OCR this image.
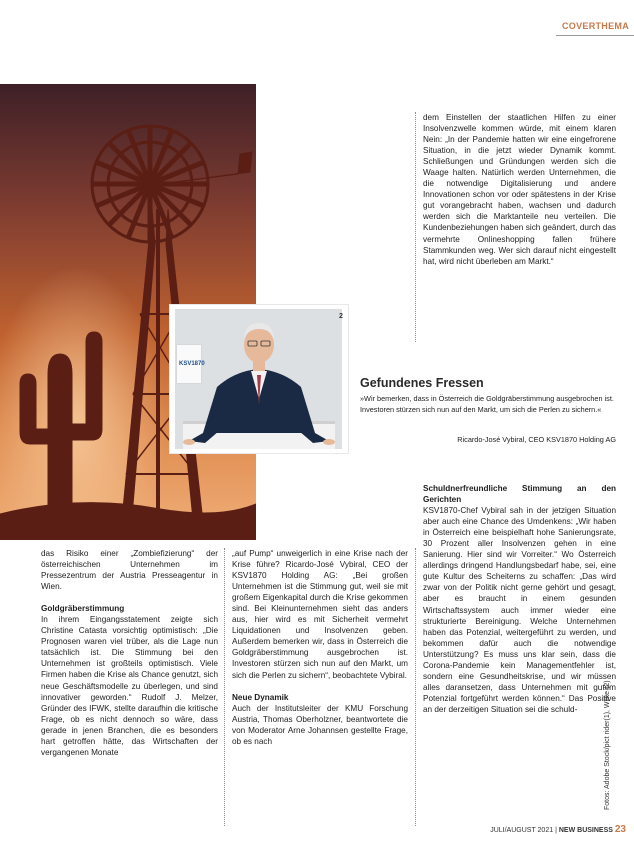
COVERTHEMA
KSV1870
2

dem Einstellen der staatlichen Hilfen zu einer Insolvenzwelle kommen würde, mit einem klaren Nein: „In der Pandemie hatten wir eine eingefrorene Situation, in die jetzt wieder Dynamik kommt. Schließungen und Gründungen werden sich die Waage halten. Natürlich werden Unternehmen, die die notwendige Digitalisierung und andere Innovationen schon vor oder spätestens in der Krise gut vorangebracht haben, wachsen und dadurch werden sich die Marktanteile neu verteilen. Die Kundenbeziehungen haben sich geändert, durch das vermehrte Onlineshopping fallen frühere Stammkunden weg. Wer sich darauf nicht eingestellt hat, wird nicht überleben am Markt.“

Gefundenes Fressen
»Wir bemerken, dass in Österreich die Goldgräberstimmung ausgebrochen ist. Investoren stürzen sich nun auf den Markt, um sich die Perlen zu sichern.«
Ricardo-José Vybiral, CEO KSV1870 Holding AG
Schuldnerfreundliche Stimmung an den Gerichten

KSV1870-Chef Vybiral sah in der jetzigen Situation aber auch eine Chance des Umdenkens: „Wir haben in Österreich eine beispielhaft hohe Sanierungsrate, 30 Prozent aller Insolvenzen gehen in eine Sanierung. Hier sind wir Vorreiter.“ Wo Österreich allerdings dringend Handlungsbedarf habe, sei, eine gute Kultur des Scheiterns zu schaffen: „Das wird zwar von der Politik nicht gerne gehört und gesagt, aber es braucht in einem gesunden Wirtschaftssystem auch immer wieder eine strukturierte Bereinigung. Welche Unternehmen haben das Potenzial, weitergeführt zu werden, und bekommen dafür auch die notwendige Unterstützung? Es muss uns klar sein, dass die Corona-Pandemie kein Managementfehler ist, sondern eine Gesundheitskrise, und wir müssen alles daransetzen, dass Unternehmen mit gutem Potenzial fortgeführt werden können.“ Das Positive an der derzeitigen Situation sei die schuld-

das Risiko einer „Zombiefizierung“ der österreichischen Unternehmen im Pressezentrum der Austria Presseagentur in Wien.

Goldgräberstimmung

In ihrem Eingangsstatement zeigte sich Christine Catasta vorsichtig optimistisch: „Die Prognosen waren viel trüber, als die Lage nun tatsächlich ist. Die Stimmung bei den Unternehmen ist großteils optimistisch. Viele Firmen haben die Krise als Chance genutzt, sich neue Geschäftsmodelle zu überlegen, und sind innovativer geworden.“ Rudolf J. Melzer, Gründer des IFWK, stellte daraufhin die kritische Frage, ob es nicht dennoch so wäre, dass gerade in jenen Branchen, die es besonders hart getroffen hätte, das Wirtschaften der vergangenen Monate

„auf Pump“ unweigerlich in eine Krise nach der Krise führe? Ricardo-José Vybiral, CEO der KSV1870 Holding AG: „Bei großen Unternehmen ist die Stimmung gut, weil sie mit großem Eigenkapital durch die Krise gekommen sind. Bei Kleinunternehmen sieht das anders aus, hier wird es mit Sicherheit vermehrt Liquidationen und Insolvenzen geben. Außerdem bemerken wir, dass in Österreich die Goldgräberstimmung ausgebrochen ist. Investoren stürzen sich nun auf den Markt, um sich die Perlen zu sichern“, beobachtete Vybiral.

Neue Dynamik

Auch der Institutsleiter der KMU Forschung Austria, Thomas Oberholzner, beantwortete die von Moderator Arne Johannsen gestellte Frage, ob es nach	Fotos: Adobe Stock/pict rider(1), Wilke (2)
JULI/AUGUST 2021 | NEW BUSINESS 23
